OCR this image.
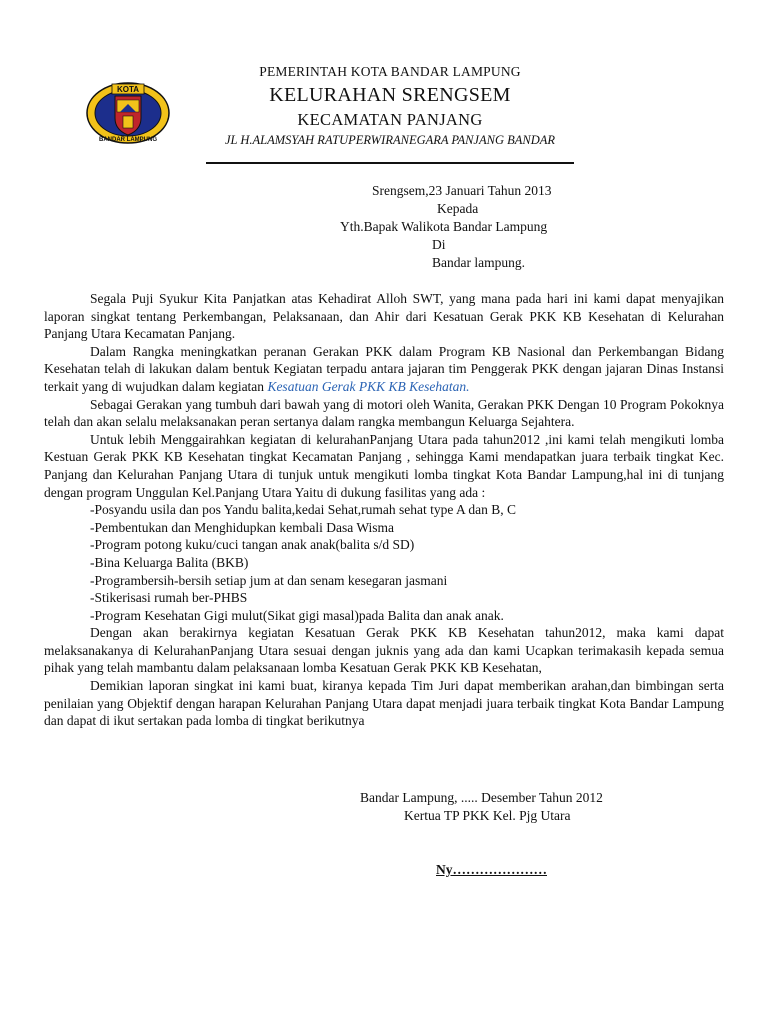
KOTA
BANDAR LAMPUNG
PEMERINTAH KOTA BANDAR LAMPUNG
KELURAHAN SRENGSEM
KECAMATAN PANJANG
JL H.ALAMSYAH RATUPERWIRANEGARA PANJANG BANDAR
Srengsem,23 Januari Tahun 2013
Kepada
Yth.Bapak Walikota Bandar Lampung
Di
Bandar lampung.

Segala Puji Syukur Kita Panjatkan atas Kehadirat Alloh SWT, yang mana pada hari ini kami dapat menyajikan laporan singkat tentang Perkembangan, Pelaksanaan, dan Ahir dari Kesatuan Gerak PKK KB Kesehatan di Kelurahan Panjang Utara Kecamatan Panjang.

Dalam Rangka meningkatkan peranan Gerakan PKK dalam Program KB Nasional dan Perkembangan Bidang Kesehatan telah di lakukan dalam bentuk Kegiatan terpadu antara jajaran tim Penggerak PKK dengan jajaran Dinas Instansi terkait yang di wujudkan dalam kegiatan Kesatuan Gerak PKK KB Kesehatan.

Sebagai Gerakan yang tumbuh dari bawah yang di motori oleh Wanita, Gerakan PKK Dengan 10 Program Pokoknya telah dan akan selalu melaksanakan peran sertanya dalam rangka membangun Keluarga Sejahtera.

Untuk lebih Menggairahkan kegiatan di kelurahanPanjang Utara pada tahun2012 ,ini kami telah mengikuti lomba Kestuan Gerak PKK KB Kesehatan tingkat Kecamatan Panjang , sehingga Kami mendapatkan juara terbaik tingkat Kec. Panjang dan Kelurahan Panjang Utara di tunjuk untuk mengikuti lomba tingkat Kota Bandar Lampung,hal ini di tunjang dengan program Unggulan Kel.Panjang Utara Yaitu di dukung fasilitas yang ada :

-Posyandu usila dan pos Yandu balita,kedai Sehat,rumah sehat type A dan B, C
-Pembentukan dan Menghidupkan kembali Dasa Wisma
-Program potong kuku/cuci tangan anak anak(balita s/d SD)
-Bina Keluarga Balita (BKB)
-Programbersih-bersih setiap jum at dan senam kesegaran jasmani
-Stikerisasi rumah ber-PHBS
-Program Kesehatan Gigi mulut(Sikat gigi masal)pada Balita dan anak anak.

Dengan akan berakirnya kegiatan Kesatuan Gerak PKK KB Kesehatan tahun2012, maka kami dapat melaksanakanya di KelurahanPanjang Utara sesuai dengan juknis yang ada dan kami Ucapkan terimakasih kepada semua pihak yang telah mambantu dalam pelaksanaan lomba Kesatuan Gerak PKK KB Kesehatan,

Demikian laporan singkat ini kami buat, kiranya kepada Tim Juri dapat memberikan arahan,dan bimbingan serta penilaian yang Objektif dengan harapan Kelurahan Panjang Utara dapat menjadi juara terbaik tingkat Kota Bandar Lampung dan dapat di ikut sertakan pada lomba di tingkat berikutnya

Bandar Lampung, ..... Desember Tahun 2012
Kertua TP PKK Kel. Pjg Utara
Ny…………………
